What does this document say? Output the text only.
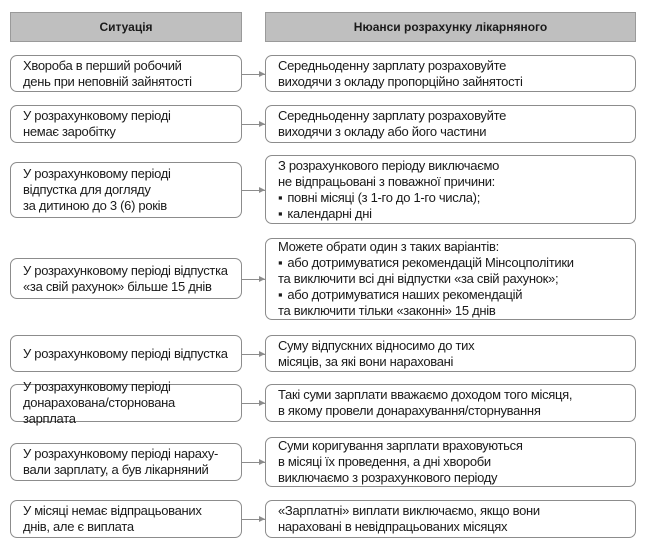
Ситуація	Нюанси розрахунку лікарняного
Хвороба в перший робочий
день при неповній зайнятості
Середньоденну зарплату розраховуйте
виходячи з окладу пропорційно зайнятості
У розрахунковому періоді
немає заробітку
Середньоденну зарплату розраховуйте
виходячи з окладу або його частини
У розрахунковому періоді
відпустка для догляду
за дитиною до 3 (6) років
З розрахункового періоду виключаємо
не відпрацьовані з поважної причини:
▪ повні місяці (з 1-го до 1-го числа);
▪ календарні дні
У розрахунковому періоді відпустка
«за свій рахунок» більше 15 днів
Можете обрати один з таких варіантів:
▪ або дотримуватися рекомендацій Мінсоцполітики
та виключити всі дні відпустки «за свій рахунок»;
▪ або дотримуватися наших рекомендацій
та виключити тільки «законні» 15 днів
У розрахунковому періоді відпустка
Суму відпускних відносимо до тих
місяців, за які вони нараховані
У розрахунковому періоді
донарахована/сторнована зарплата
Такі суми зарплати вважаємо доходом того місяця,
в якому провели донарахування/сторнування
У розрахунковому періоді нараху-
вали зарплату, а був лікарняний
Суми коригування зарплати враховуються
в місяці їх проведення, а дні хвороби
виключаємо з розрахункового періоду
У місяці немає відпрацьованих
днів, але є виплата
«Зарплатні» виплати виключаємо, якщо вони
нараховані в невідпрацьованих місяцях
